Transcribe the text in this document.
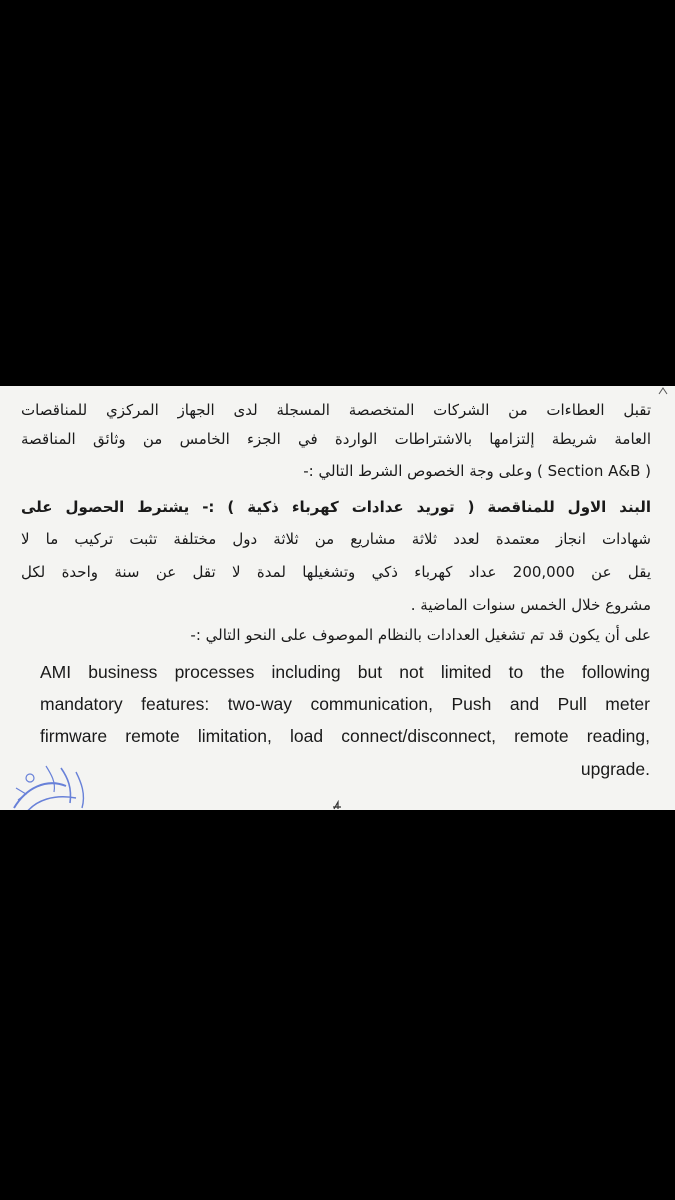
تقبل العطاءات من الشركات المتخصصة المسجلة لدى الجهاز المركزي للمناقصات
العامة شريطة إلتزامها بالاشتراطات الواردة في الجزء الخامس من وثائق المناقصة
( Section A&B ) وعلى وجة الخصوص الشرط التالي :-
البند الاول للمناقصة ( توريد عدادات كهرباء ذكية ) :- يشترط الحصول على
شهادات انجاز معتمدة لعدد ثلاثة مشاريع من ثلاثة دول مختلفة تثبت تركيب ما لا
يقل عن 200,000 عداد كهرباء ذكي وتشغيلها لمدة لا تقل عن سنة واحدة لكل
مشروع خلال الخمس سنوات الماضية .
على أن يكون قد تم تشغيل العدادات بالنظام الموصوف على النحو التالي :-
AMI business processes including but not limited to the following
mandatory features: two-way communication, Push and Pull meter
firmware remote limitation, load connect/disconnect, remote reading,
upgrade.
